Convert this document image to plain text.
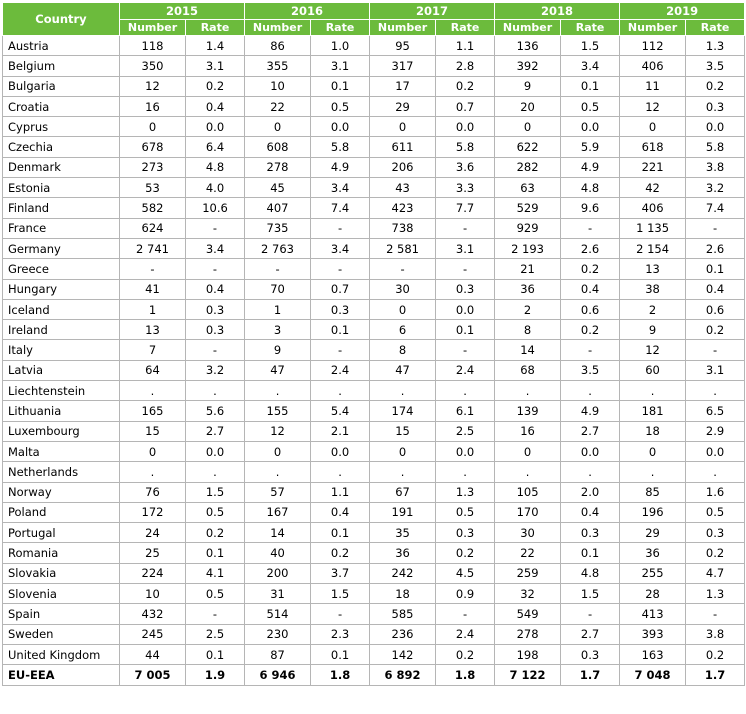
Country	2015		2016		2017		2018		2019	
	Number	Rate	Number	Rate	Number	Rate	Number	Rate	Number	Rate
Austria	118	1.4	86	1.0	95	1.1	136	1.5	112	1.3
Belgium	350	3.1	355	3.1	317	2.8	392	3.4	406	3.5
Bulgaria	12	0.2	10	0.1	17	0.2	9	0.1	11	0.2
Croatia	16	0.4	22	0.5	29	0.7	20	0.5	12	0.3
Cyprus	0	0.0	0	0.0	0	0.0	0	0.0	0	0.0
Czechia	678	6.4	608	5.8	611	5.8	622	5.9	618	5.8
Denmark	273	4.8	278	4.9	206	3.6	282	4.9	221	3.8
Estonia	53	4.0	45	3.4	43	3.3	63	4.8	42	3.2
Finland	582	10.6	407	7.4	423	7.7	529	9.6	406	7.4
France	624	-	735	-	738	-	929	-	1 135	-
Germany	2 741	3.4	2 763	3.4	2 581	3.1	2 193	2.6	2 154	2.6
Greece	-	-	-	-	-	-	21	0.2	13	0.1
Hungary	41	0.4	70	0.7	30	0.3	36	0.4	38	0.4
Iceland	1	0.3	1	0.3	0	0.0	2	0.6	2	0.6
Ireland	13	0.3	3	0.1	6	0.1	8	0.2	9	0.2
Italy	7	-	9	-	8	-	14	-	12	-
Latvia	64	3.2	47	2.4	47	2.4	68	3.5	60	3.1
Liechtenstein	.	.	.	.	.	.	.	.	.	.
Lithuania	165	5.6	155	5.4	174	6.1	139	4.9	181	6.5
Luxembourg	15	2.7	12	2.1	15	2.5	16	2.7	18	2.9
Malta	0	0.0	0	0.0	0	0.0	0	0.0	0	0.0
Netherlands	.	.	.	.	.	.	.	.	.	.
Norway	76	1.5	57	1.1	67	1.3	105	2.0	85	1.6
Poland	172	0.5	167	0.4	191	0.5	170	0.4	196	0.5
Portugal	24	0.2	14	0.1	35	0.3	30	0.3	29	0.3
Romania	25	0.1	40	0.2	36	0.2	22	0.1	36	0.2
Slovakia	224	4.1	200	3.7	242	4.5	259	4.8	255	4.7
Slovenia	10	0.5	31	1.5	18	0.9	32	1.5	28	1.3
Spain	432	-	514	-	585	-	549	-	413	-
Sweden	245	2.5	230	2.3	236	2.4	278	2.7	393	3.8
United Kingdom	44	0.1	87	0.1	142	0.2	198	0.3	163	0.2
EU-EEA	7 005	1.9	6 946	1.8	6 892	1.8	7 122	1.7	7 048	1.7
